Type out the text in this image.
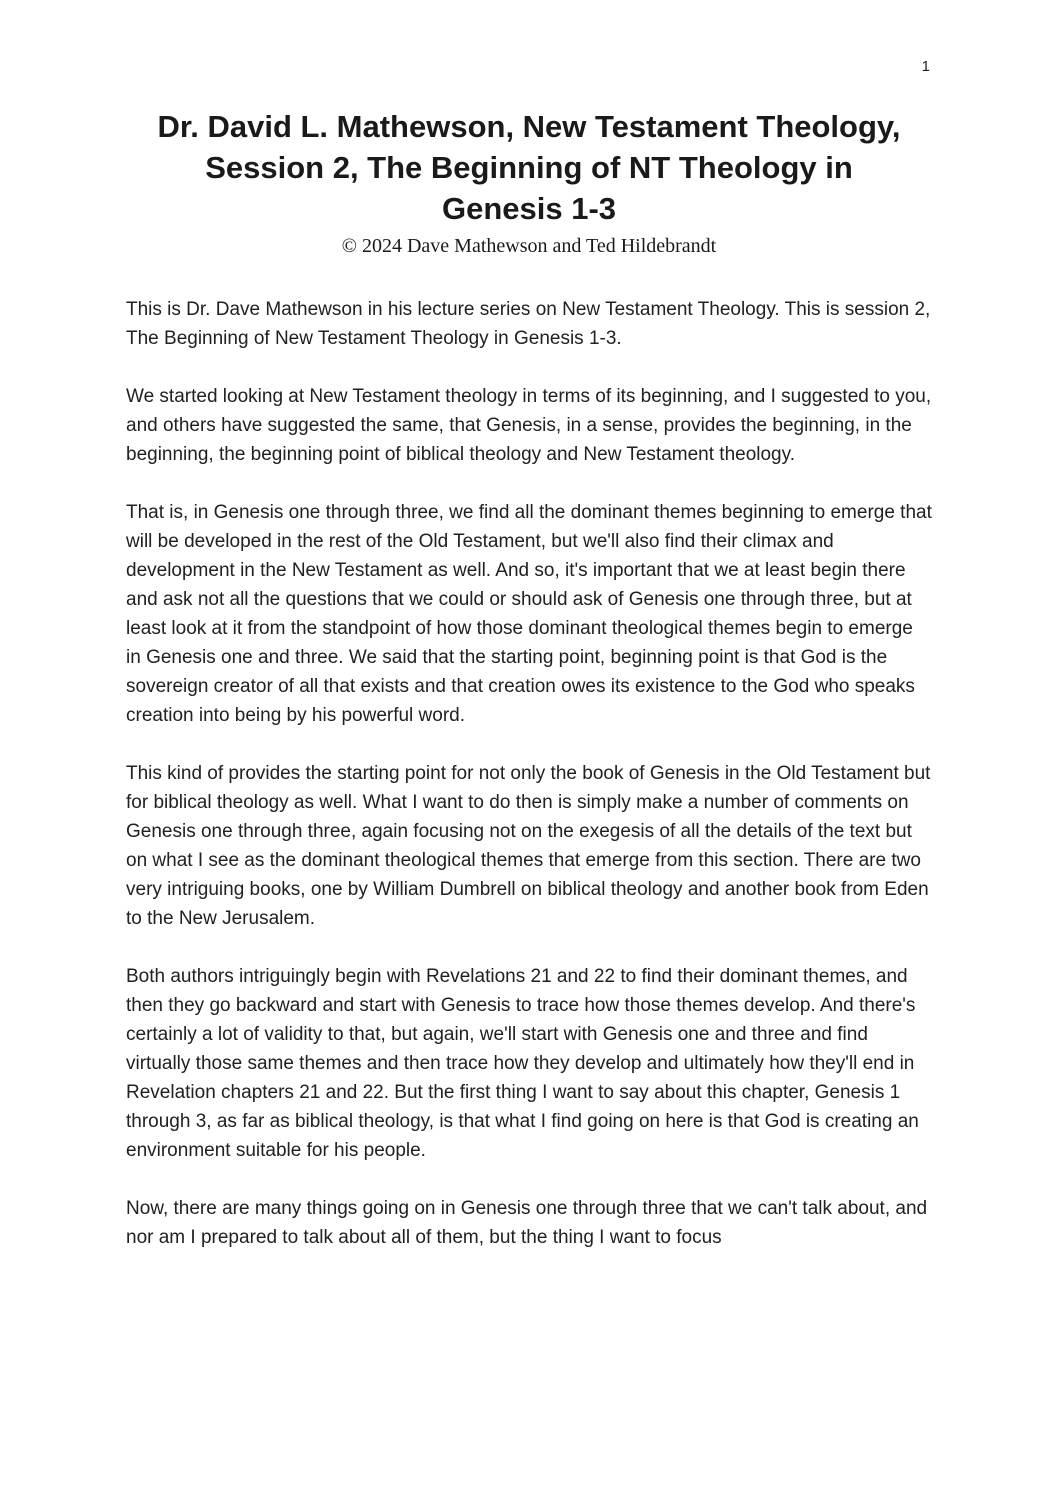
1
Dr. David L. Mathewson, New Testament Theology,
Session 2, The Beginning of NT Theology in
Genesis 1-3
© 2024 Dave Mathewson and Ted Hildebrandt

This is Dr. Dave Mathewson in his lecture series on New Testament Theology. This is session 2, The Beginning of New Testament Theology in Genesis 1-3.

We started looking at New Testament theology in terms of its beginning, and I suggested to you, and others have suggested the same, that Genesis, in a sense, provides the beginning, in the beginning, the beginning point of biblical theology and New Testament theology.

That is, in Genesis one through three, we find all the dominant themes beginning to emerge that will be developed in the rest of the Old Testament, but we'll also find their climax and development in the New Testament as well. And so, it's important that we at least begin there and ask not all the questions that we could or should ask of Genesis one through three, but at least look at it from the standpoint of how those dominant theological themes begin to emerge in Genesis one and three. We said that the starting point, beginning point is that God is the sovereign creator of all that exists and that creation owes its existence to the God who speaks creation into being by his powerful word.

This kind of provides the starting point for not only the book of Genesis in the Old Testament but for biblical theology as well. What I want to do then is simply make a number of comments on Genesis one through three, again focusing not on the exegesis of all the details of the text but on what I see as the dominant theological themes that emerge from this section. There are two very intriguing books, one by William Dumbrell on biblical theology and another book from Eden to the New Jerusalem.

Both authors intriguingly begin with Revelations 21 and 22 to find their dominant themes, and then they go backward and start with Genesis to trace how those themes develop. And there's certainly a lot of validity to that, but again, we'll start with Genesis one and three and find virtually those same themes and then trace how they develop and ultimately how they'll end in Revelation chapters 21 and 22. But the first thing I want to say about this chapter, Genesis 1 through 3, as far as biblical theology, is that what I find going on here is that God is creating an environment suitable for his people.

Now, there are many things going on in Genesis one through three that we can't talk about, and nor am I prepared to talk about all of them, but the thing I want to focus
